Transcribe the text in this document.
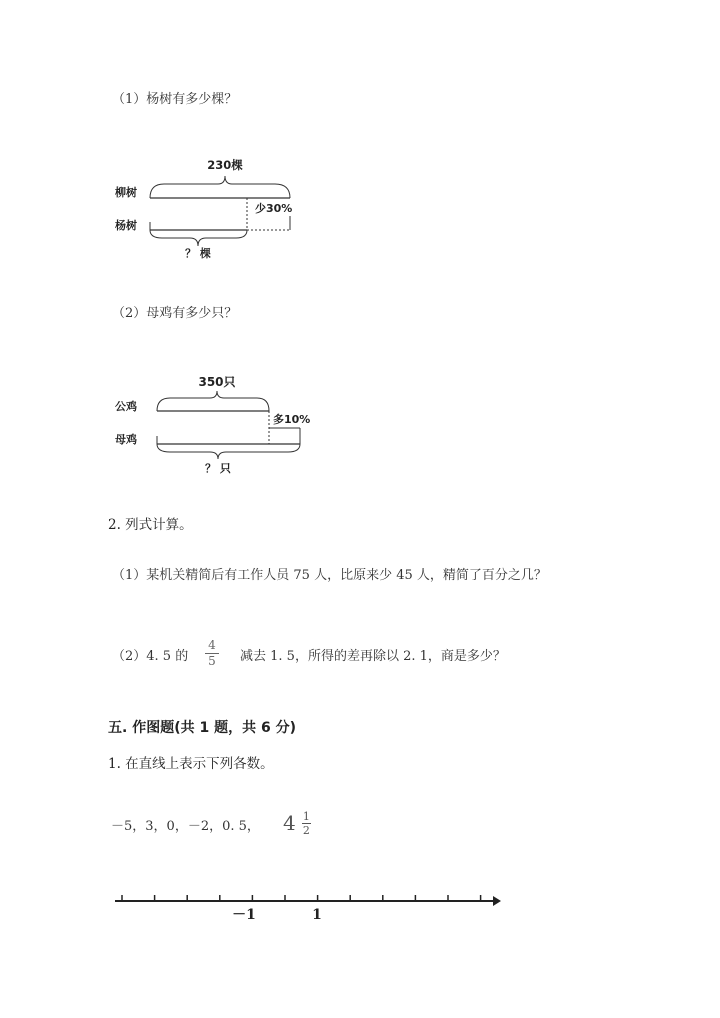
（1）杨树有多少棵？
230棵
柳树
少30%
杨树
？ 棵
（2）母鸡有多少只？
350只
公鸡
多10%
母鸡
？ 只
2. 列式计算。
（1）某机关精简后有工作人员 75 人，比原来少 45 人，精简了百分之几？
（2）4. 5 的
4
5 减去 1. 5，所得的差再除以 2. 1，商是多少？
五. 作图题(共 1 题，共 6 分)
1. 在直线上表示下列各数。
－5，3，0，－2，0. 5， $4 \frac{1}{2}$
－1	1
